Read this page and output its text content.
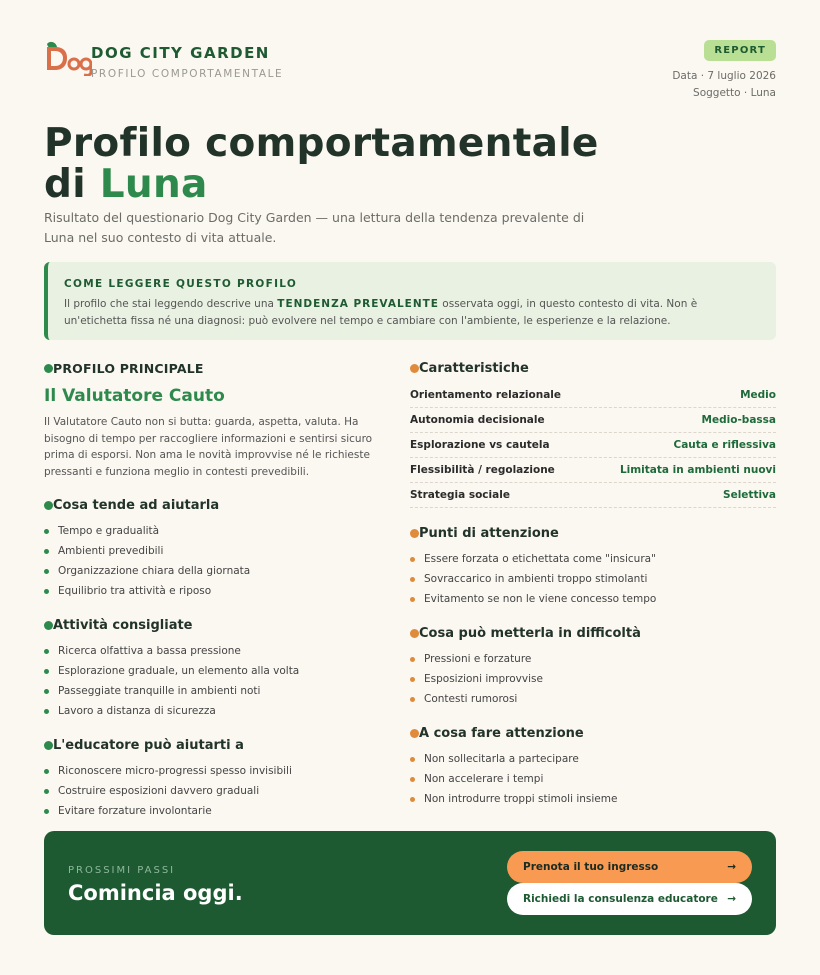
DOG CITY GARDEN
PROFILO COMPORTAMENTALE
REPORT
Data · 7 luglio 2026
Soggetto · Luna
Profilo comportamentale
di Luna

Risultato del questionario Dog City Garden — una lettura della tendenza prevalente di Luna nel suo contesto di vita attuale.

COME LEGGERE QUESTO PROFILO

Il profilo che stai leggendo descrive una TENDENZA PREVALENTE osservata oggi, in questo contesto di vita. Non è un'etichetta fissa né una diagnosi: può evolvere nel tempo e cambiare con l'ambiente, le esperienze e la relazione.

PROFILO PRINCIPALE
Il Valutatore Cauto

Il Valutatore Cauto non si butta: guarda, aspetta, valuta. Ha bisogno di tempo per raccogliere informazioni e sentirsi sicuro prima di esporsi. Non ama le novità improvvise né le richieste pressanti e funziona meglio in contesti prevedibili.

Cosa tende ad aiutarla
Tempo e gradualità
Ambienti prevedibili
Organizzazione chiara della giornata
Equilibrio tra attività e riposo
Attività consigliate
Ricerca olfattiva a bassa pressione
Esplorazione graduale, un elemento alla volta
Passeggiate tranquille in ambienti noti
Lavoro a distanza di sicurezza
L'educatore può aiutarti a
Riconoscere micro-progressi spesso invisibili
Costruire esposizioni davvero graduali
Evitare forzature involontarie
Caratteristiche
Orientamento relazionale	Medio
Autonomia decisionale	Medio-bassa
Esplorazione vs cautela	Cauta e riflessiva
Flessibilità / regolazione	Limitata in ambienti nuovi
Strategia sociale	Selettiva
Punti di attenzione
Essere forzata o etichettata come "insicura"
Sovraccarico in ambienti troppo stimolanti
Evitamento se non le viene concesso tempo
Cosa può metterla in difficoltà
Pressioni e forzature
Esposizioni improvvise
Contesti rumorosi
A cosa fare attenzione
Non sollecitarla a partecipare
Non accelerare i tempi
Non introdurre troppi stimoli insieme
PROSSIMI PASSI
Comincia oggi.
Prenota il tuo ingresso	→
Richiedi la consulenza educatore →
